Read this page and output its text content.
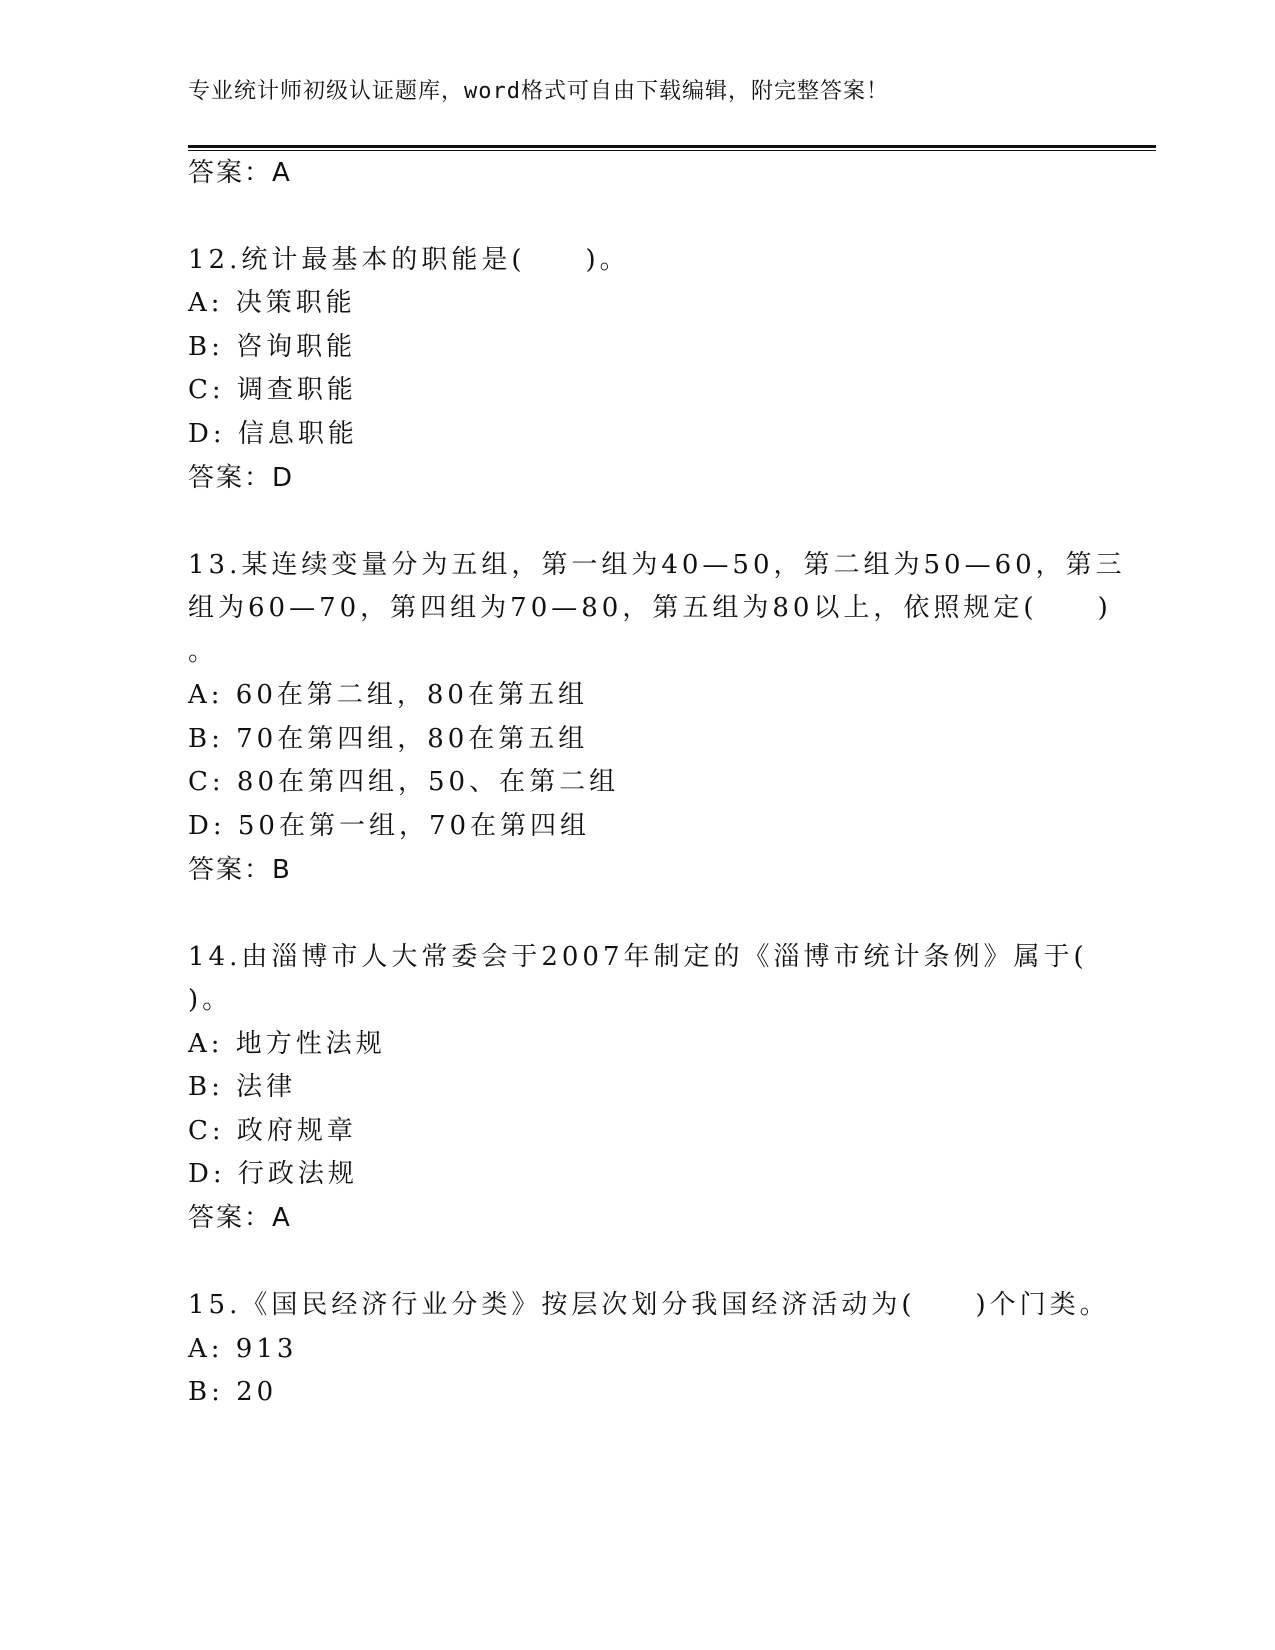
专业统计师初级认证题库，word格式可自由下载编辑，附完整答案！
答案：A
12.统计最基本的职能是(　　)。
A: 决策职能
B: 咨询职能
C: 调查职能
D: 信息职能
答案：D
13.某连续变量分为五组，第一组为40—50，第二组为50—60，第三
组为60—70，第四组为70—80，第五组为80以上，依照规定(　　)
。
A: 60在第二组，80在第五组
B: 70在第四组，80在第五组
C: 80在第四组，50、在第二组
D: 50在第一组，70在第四组
答案：B
14.由淄博市人大常委会于2007年制定的《淄博市统计条例》属于(
)。
A: 地方性法规
B: 法律
C: 政府规章
D: 行政法规
答案：A
15.《国民经济行业分类》按层次划分我国经济活动为(　　)个门类。
A: 913
B: 20
